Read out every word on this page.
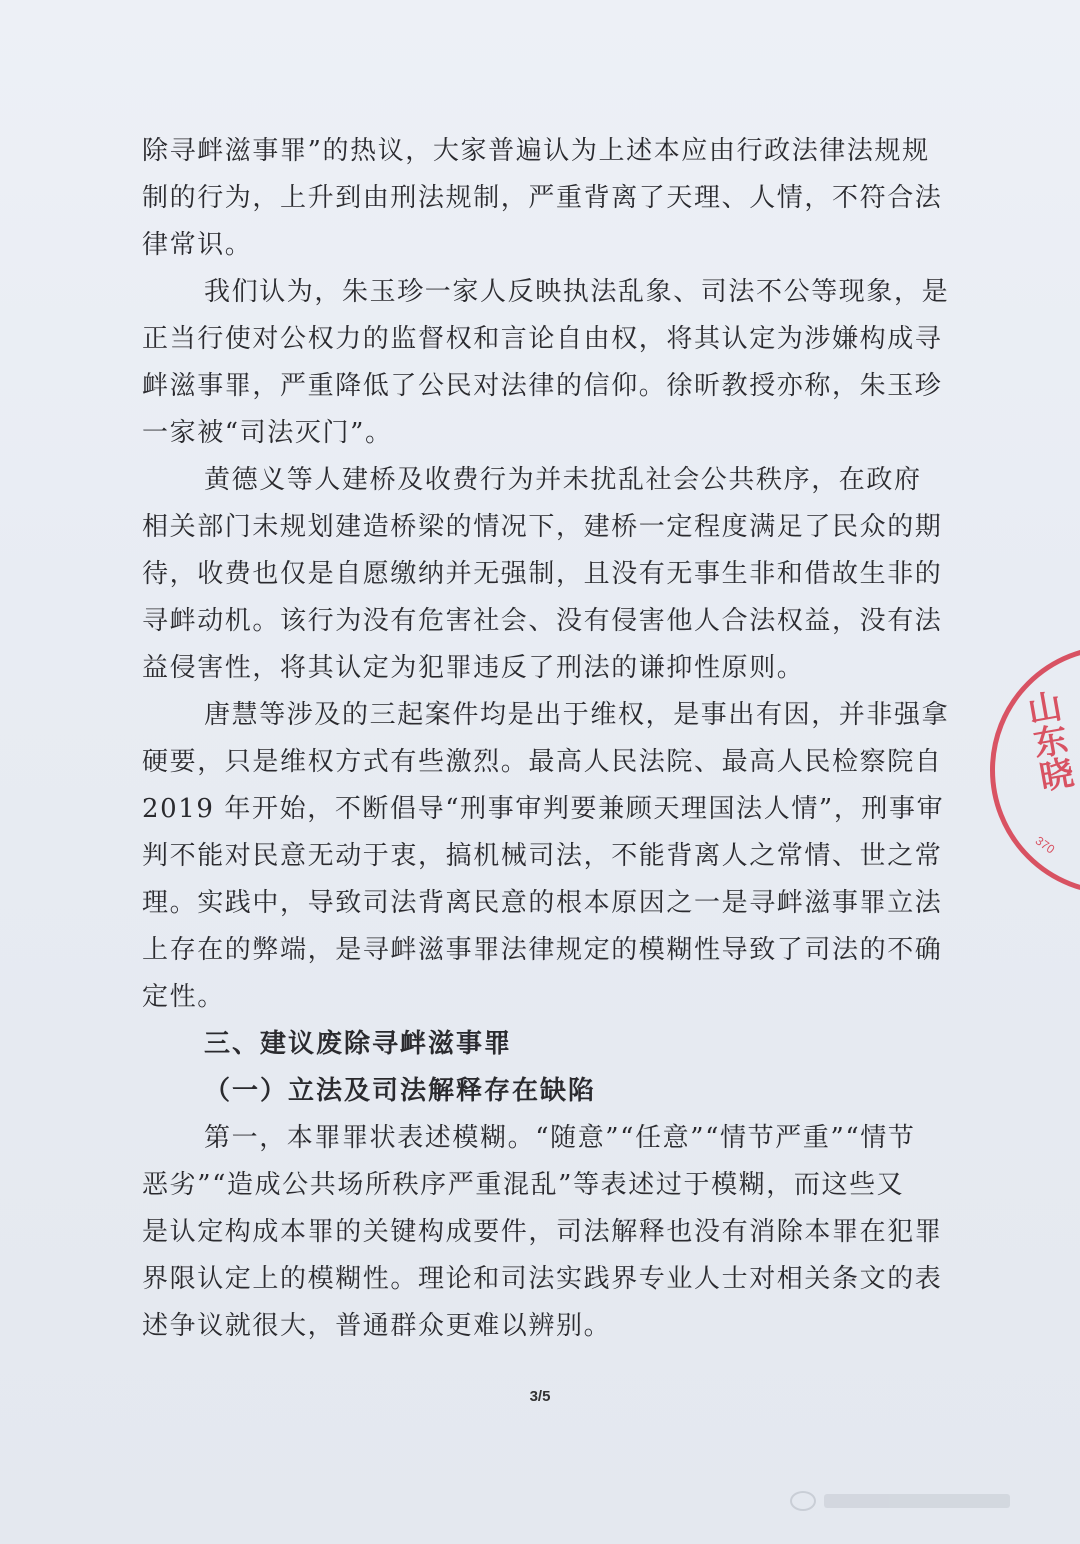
除寻衅滋事罪”的热议，大家普遍认为上述本应由行政法律法规规

制的行为，上升到由刑法规制，严重背离了天理、人情，不符合法

律常识。

我们认为，朱玉珍一家人反映执法乱象、司法不公等现象，是

正当行使对公权力的监督权和言论自由权，将其认定为涉嫌构成寻

衅滋事罪，严重降低了公民对法律的信仰。徐昕教授亦称，朱玉珍

一家被“司法灭门”。

黄德义等人建桥及收费行为并未扰乱社会公共秩序，在政府

相关部门未规划建造桥梁的情况下，建桥一定程度满足了民众的期

待，收费也仅是自愿缴纳并无强制，且没有无事生非和借故生非的

寻衅动机。该行为没有危害社会、没有侵害他人合法权益，没有法

益侵害性，将其认定为犯罪违反了刑法的谦抑性原则。

唐慧等涉及的三起案件均是出于维权，是事出有因，并非强拿

硬要，只是维权方式有些激烈。最高人民法院、最高人民检察院自

2019 年开始，不断倡导“刑事审判要兼顾天理国法人情”，刑事审

判不能对民意无动于衷，搞机械司法，不能背离人之常情、世之常

理。实践中，导致司法背离民意的根本原因之一是寻衅滋事罪立法

上存在的弊端，是寻衅滋事罪法律规定的模糊性导致了司法的不确

定性。

三、建议废除寻衅滋事罪

（一）立法及司法解释存在缺陷

第一，本罪罪状表述模糊。“随意”“任意”“情节严重”“情节

恶劣”“造成公共场所秩序严重混乱”等表述过于模糊，而这些又

是认定构成本罪的关键构成要件，司法解释也没有消除本罪在犯罪

界限认定上的模糊性。理论和司法实践界专业人士对相关条文的表

述争议就很大，普通群众更难以辨别。

3/5
山东晓
370
